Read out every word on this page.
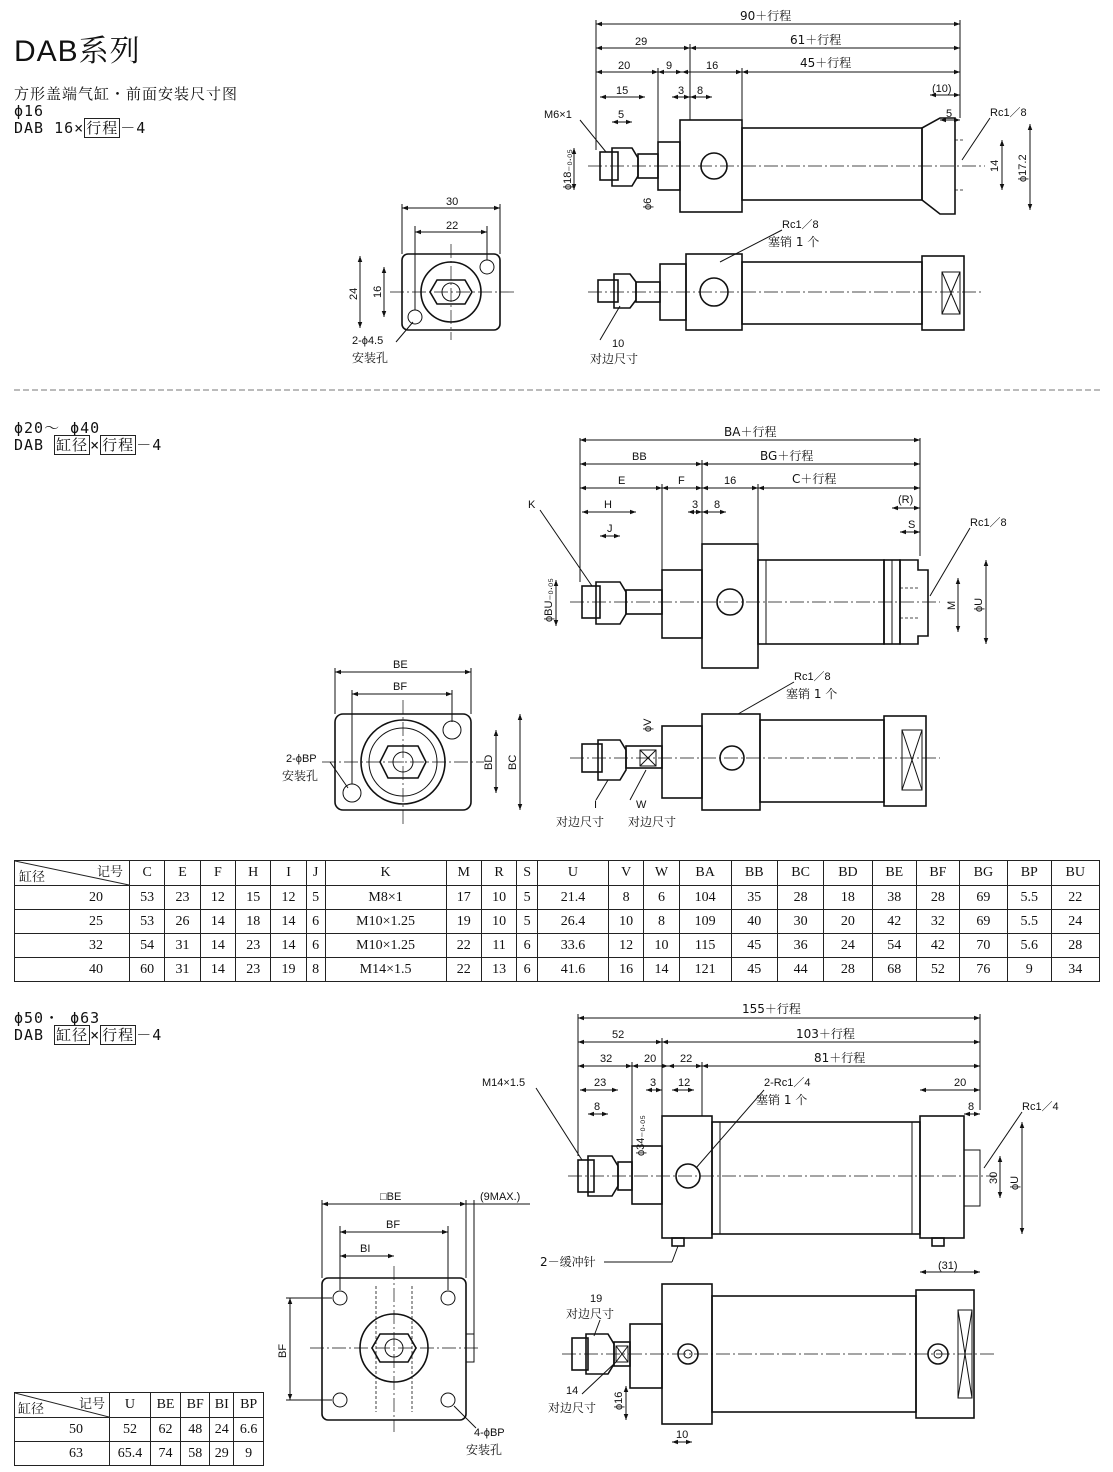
DAB系列
方形盖端气缸・前面安装尺寸图
ϕ16
DAB 16× 行程 －4
ϕ20～ ϕ40
DAB 缸径 × 行程 －4
ϕ50・ ϕ63
DAB 缸径 × 行程 －4
90＋行程
29	61＋行程
20	9	16	45＋行程
15	3 8
5
M6×1
ϕ18₋₀.₀₅
ϕ6
(10)
5	Rc1／8
14 ϕ17.2
Rc1／8
塞销 1 个
10
对边尺寸
30
22
24 16
2-ϕ4.5
安装孔
BA＋行程
BB	BG＋行程
E	F	16	C＋行程
K	H
J
3 8	(R)
S	Rc1／8
ϕBU₋₀.₀₅	M ϕU
BE
BF
BD BC
2-ϕBP
安装孔
Rc1／8
塞销 1 个
ϕV
I	W
对边尺寸 对边尺寸
155＋行程
52	103＋行程
32	20 22	81＋行程
M14×1.5	23
8
3 12
ϕ34₋₀.₀₅
2-Rc1／4
塞销 1 个
20
8	Rc1／4
30 ϕU
(31)
2－缓冲针
□BE	(9MAX.)
BF
BI
BF
4-ϕBP
安装孔
19
对边尺寸
14
对边尺寸 ϕ16
10
记号
缸径	C	E	F	H	I	J	K	M	R	S	U	V	W	BA	BB	BC	BD	BE	BF	BG	BP	BU
20	53	23	12	15	12	5	M8×1	17	10	5	21.4	8	6	104	35	28	18	38	28	69	5.5	22
25	53	26	14	18	14	6	M10×1.25	19	10	5	26.4	10	8	109	40	30	20	42	32	69	5.5	24
32	54	31	14	23	14	6	M10×1.25	22	11	6	33.6	12	10	115	45	36	24	54	42	70	5.6	28
40	60	31	14	23	19	8	M14×1.5	22	13	6	41.6	16	14	121	45	44	28	68	52	76	9	34
记号
缸径	U	BE	BF	BI	BP
50	52	62	48	24	6.6
63	65.4	74	58	29	9
